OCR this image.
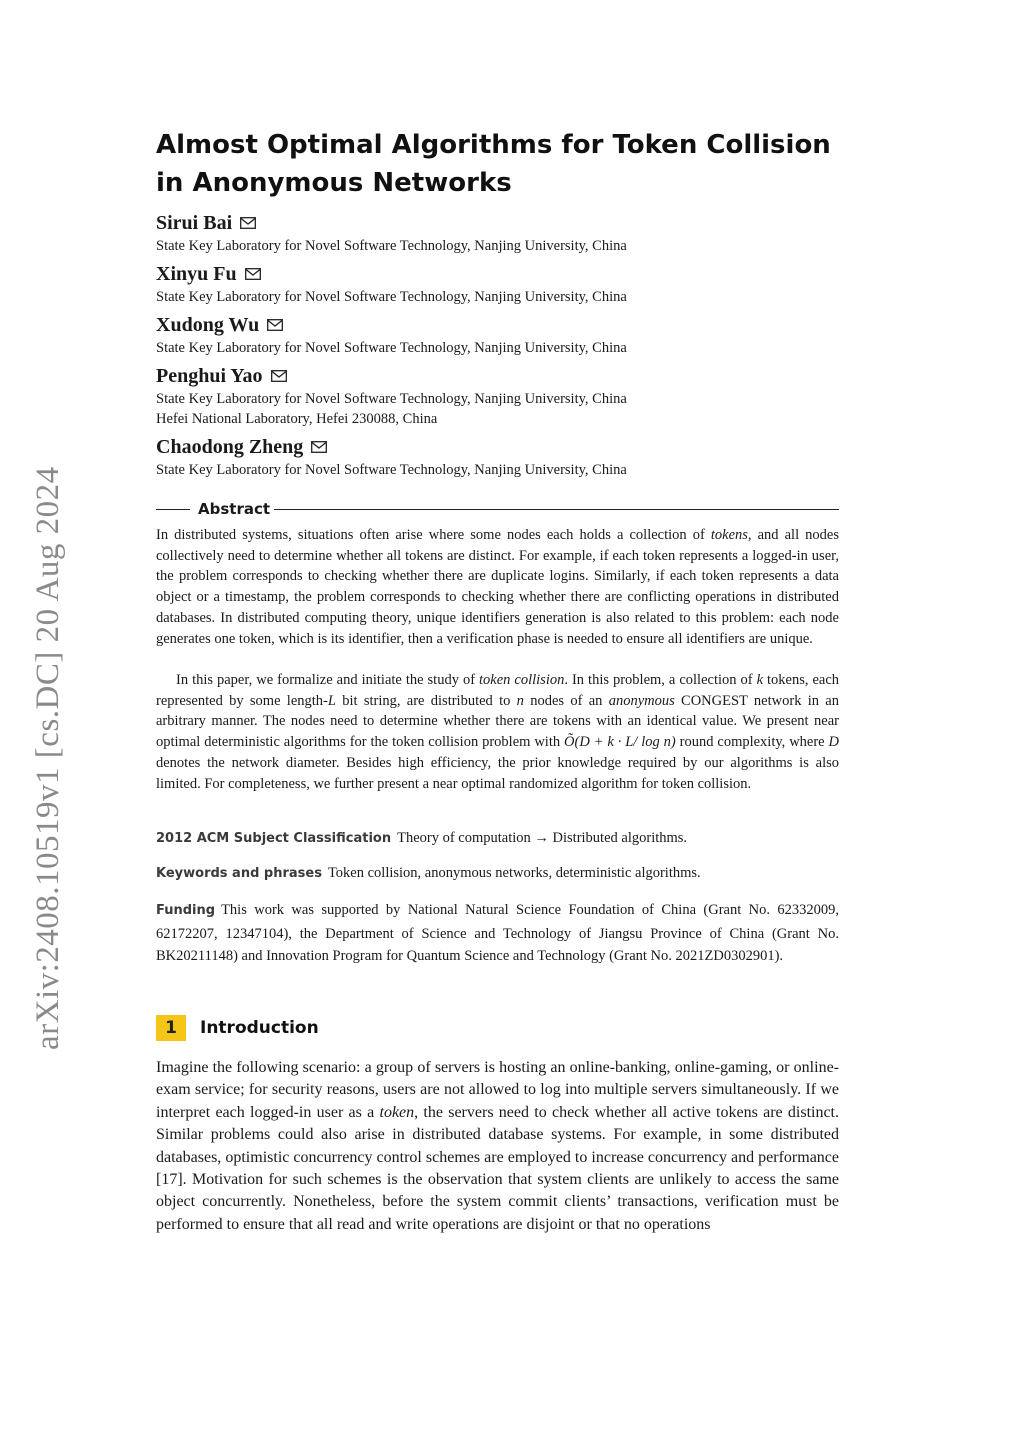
arXiv:2408.10519v1 [cs.DC] 20 Aug 2024
Almost Optimal Algorithms for Token Collision in Anonymous Networks
Sirui Bai
State Key Laboratory for Novel Software Technology, Nanjing University, China
Xinyu Fu
State Key Laboratory for Novel Software Technology, Nanjing University, China
Xudong Wu
State Key Laboratory for Novel Software Technology, Nanjing University, China
Penghui Yao
State Key Laboratory for Novel Software Technology, Nanjing University, China
Hefei National Laboratory, Hefei 230088, China
Chaodong Zheng
State Key Laboratory for Novel Software Technology, Nanjing University, China
Abstract

In distributed systems, situations often arise where some nodes each holds a collection of tokens, and all nodes collectively need to determine whether all tokens are distinct. For example, if each token represents a logged-in user, the problem corresponds to checking whether there are duplicate logins. Similarly, if each token represents a data object or a timestamp, the problem corresponds to checking whether there are conflicting operations in distributed databases. In distributed computing theory, unique identifiers generation is also related to this problem: each node generates one token, which is its identifier, then a verification phase is needed to ensure all identifiers are unique.

In this paper, we formalize and initiate the study of token collision. In this problem, a collection of k tokens, each represented by some length-L bit string, are distributed to n nodes of an anonymous CONGEST network in an arbitrary manner. The nodes need to determine whether there are tokens with an identical value. We present near optimal deterministic algorithms for the token collision problem with Õ(D + k · L/ log n) round complexity, where D denotes the network diameter. Besides high efficiency, the prior knowledge required by our algorithms is also limited. For completeness, we further present a near optimal randomized algorithm for token collision.

2012 ACM Subject Classification Theory of computation → Distributed algorithms.
Keywords and phrases Token collision, anonymous networks, deterministic algorithms.
Funding This work was supported by National Natural Science Foundation of China (Grant No. 62332009, 62172207, 12347104), the Department of Science and Technology of Jiangsu Province of China (Grant No. BK20211148) and Innovation Program for Quantum Science and Technology (Grant No. 2021ZD0302901).
1	Introduction

Imagine the following scenario: a group of servers is hosting an online-banking, online-gaming, or online-exam service; for security reasons, users are not allowed to log into multiple servers simultaneously. If we interpret each logged-in user as a token, the servers need to check whether all active tokens are distinct. Similar problems could also arise in distributed database systems. For example, in some distributed databases, optimistic concurrency control schemes are employed to increase concurrency and performance [17]. Motivation for such schemes is the observation that system clients are unlikely to access the same object concurrently. Nonetheless, before the system commit clients’ transactions, verification must be performed to ensure that all read and write operations are disjoint or that no operations
